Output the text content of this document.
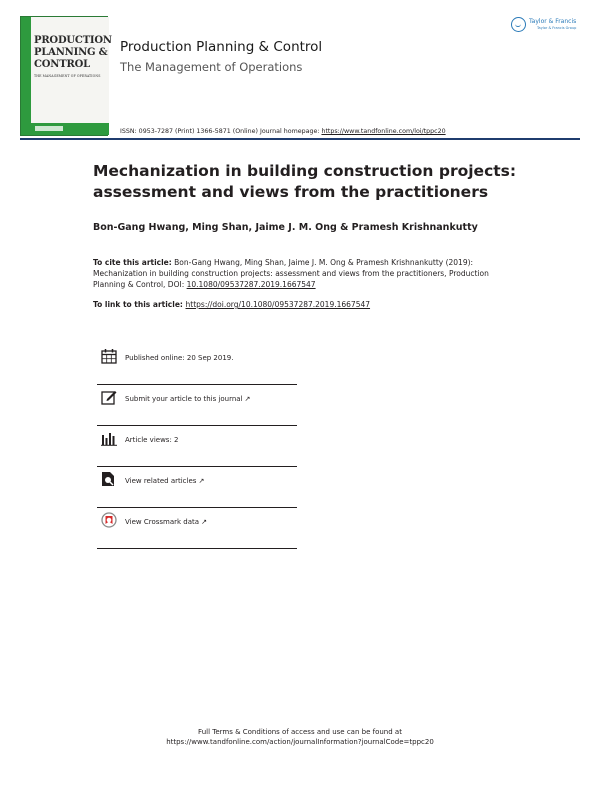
PRODUCTION
PLANNING &
CONTROL
THE MANAGEMENT OF OPERATIONS
Production Planning & Control
The Management of Operations
ISSN: 0953-7287 (Print) 1366-5871 (Online) Journal homepage: https://www.tandfonline.com/loi/tppc20
Taylor & Francis
Taylor & Francis Group
Mechanization in building construction projects: assessment and views from the practitioners
Bon-Gang Hwang, Ming Shan, Jaime J. M. Ong & Pramesh Krishnankutty
To cite this article: Bon-Gang Hwang, Ming Shan, Jaime J. M. Ong & Pramesh Krishnankutty (2019): Mechanization in building construction projects: assessment and views from the practitioners, Production Planning & Control, DOI: 10.1080/09537287.2019.1667547
To link to this article: https://doi.org/10.1080/09537287.2019.1667547
Published online: 20 Sep 2019.
Submit your article to this journal ↗
Article views: 2
View related articles ↗
View Crossmark data ↗
Full Terms & Conditions of access and use can be found at
https://www.tandfonline.com/action/journalInformation?journalCode=tppc20
